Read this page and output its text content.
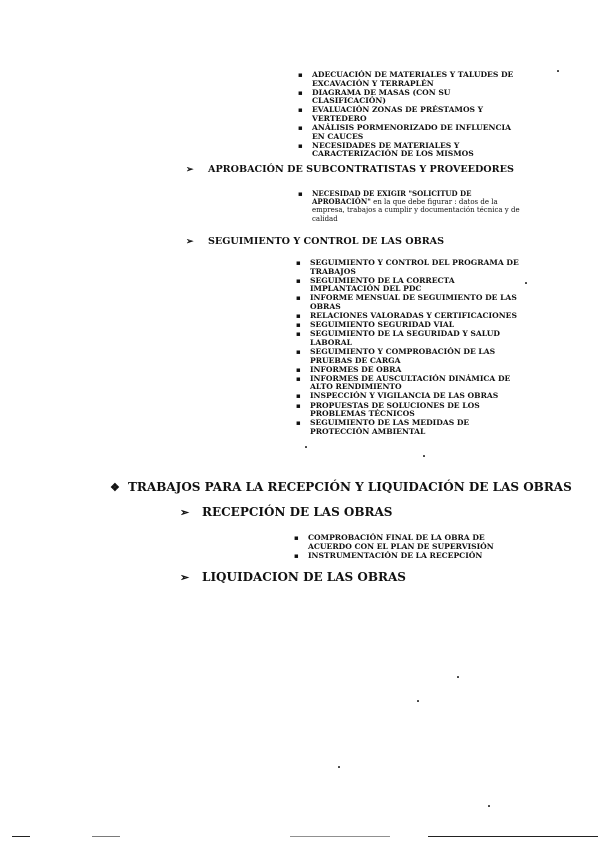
▪ ADECUACIÓN DE MATERIALES Y TALUDES DE EXCAVACIÓN Y TERRAPLÉN
▪ DIAGRAMA DE MASAS (CON SU CLASIFICACIÓN)
▪ EVALUACIÓN ZONAS DE PRÉSTAMOS Y VERTEDERO
▪ ANÁLISIS PORMENORIZADO DE INFLUENCIA EN CAUCES
▪ NECESIDADES DE MATERIALES Y CARACTERIZACIÓN DE LOS MISMOS
➢ APROBACIÓN DE SUBCONTRATISTAS Y PROVEEDORES
▪	NECESIDAD DE EXIGIR "SOLICITUD DE APROBACIÓN" en la que debe figurar : datos de la empresa, trabajos a cumplir y documentación técnica y de calidad
➢ SEGUIMIENTO Y CONTROL DE LAS OBRAS
▪ SEGUIMIENTO Y CONTROL DEL PROGRAMA DE TRABAJOS
▪ SEGUIMIENTO DE LA CORRECTA IMPLANTACIÓN DEL PDC
▪ INFORME MENSUAL DE SEGUIMIENTO DE LAS OBRAS
▪ RELACIONES VALORADAS Y CERTIFICACIONES
▪ SEGUIMIENTO SEGURIDAD VIAL
▪ SEGUIMIENTO DE LA SEGURIDAD Y SALUD LABORAL
▪ SEGUIMIENTO Y COMPROBACIÓN DE LAS PRUEBAS DE CARGA
▪ INFORMES DE OBRA
▪ INFORMES DE AUSCULTACIÓN DINÁMICA DE ALTO RENDIMIENTO
▪ INSPECCIÓN Y VIGILANCIA DE LAS OBRAS
▪ PROPUESTAS DE SOLUCIONES DE LOS PROBLEMAS TÉCNICOS
▪ SEGUIMIENTO DE LAS MEDIDAS DE PROTECCIÓN AMBIENTAL
❖ TRABAJOS PARA LA RECEPCIÓN Y LIQUIDACIÓN DE LAS OBRAS
➢ RECEPCIÓN DE LAS OBRAS
▪ COMPROBACIÓN FINAL DE LA OBRA DE ACUERDO CON EL PLAN DE SUPERVISIÓN
▪ INSTRUMENTACIÓN DE LA RECEPCIÓN
➢ LIQUIDACION DE LAS OBRAS
